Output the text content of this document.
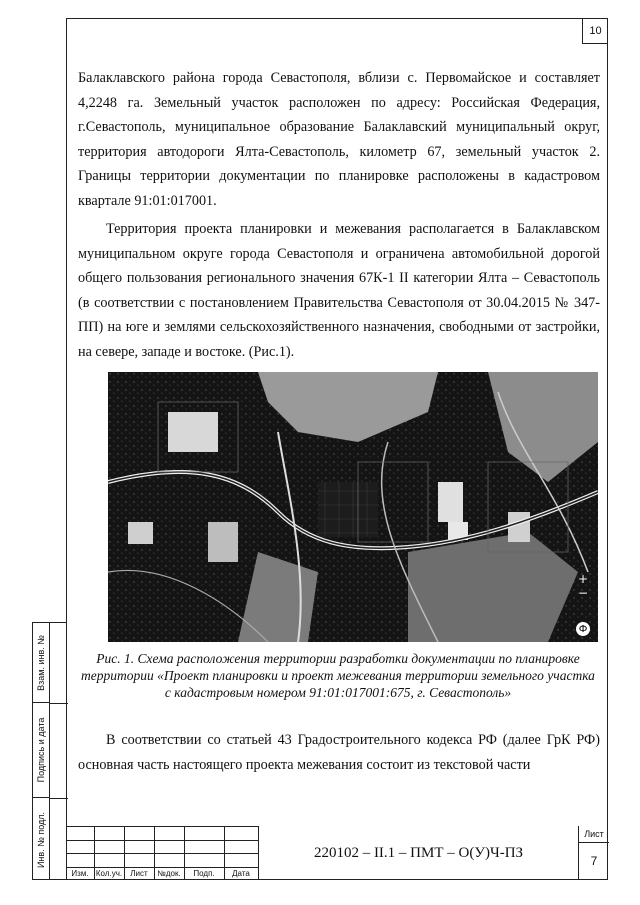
10
Взам. инв. №
Подпись и дата
Инв. № подл.

Балаклавского района города Севастополя, вблизи с. Первомайское и составляет 4,2248 га. Земельный участок расположен по адресу: Российская Федерация, г.Севастополь, муниципальное образование Балаклавский муниципальный округ, территория автодороги Ялта-Севастополь, километр 67, земельный участок 2. Границы территории документации по планировке расположены в кадастровом квартале 91:01:017001.

Территория проекта планировки и межевания располагается в Балаклавском муниципальном округе города Севастополя и ограничена автомобильной дорогой общего пользования регионального значения 67К-1 II категории Ялта – Севастополь (в соответствии с постановлением Правительства Севастополя от 30.04.2015 № 347-ПП) на юге и землями сельскохозяйственного назначения, свободными от застройки, на севере, западе и востоке. (Рис.1).

+
−
Ф
Рис. 1. Схема расположения территории разработки документации по планировке территории «Проект планировки и проект межевания территории земельного участка с кадастровым номером 91:01:017001:675, г. Севастополь»

В соответствии со статьей 43 Градостроительного кодекса РФ (далее ГрК РФ) основная часть настоящего проекта межевания состоит из текстовой части

Изм. Кол.уч.	Лист	№док.	Подп.	Дата
220102 – II.1 – ПМТ – О(У)Ч-ПЗ
Лист
7
